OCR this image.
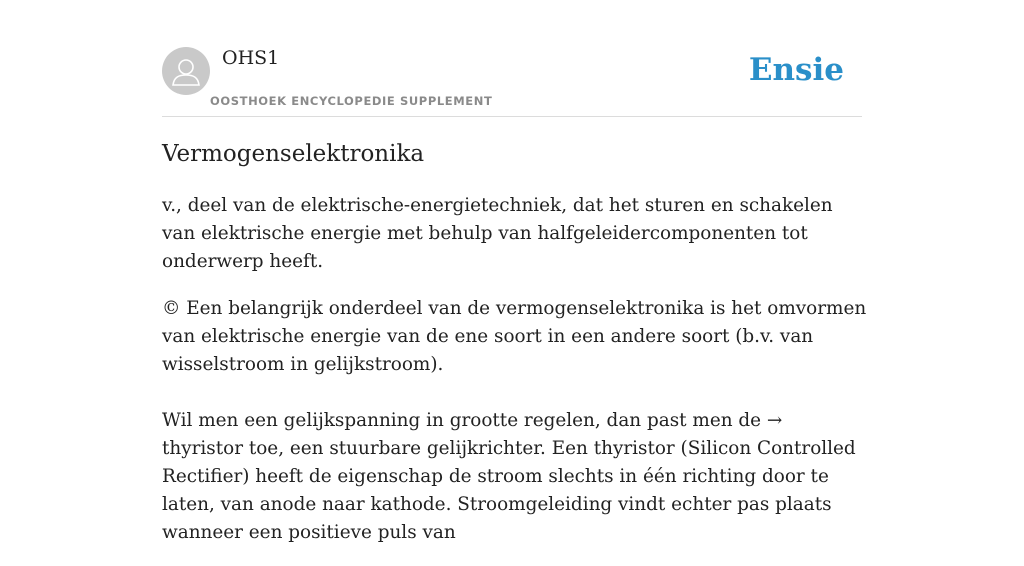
OHS1
OOSTHOEK ENCYCLOPEDIE SUPPLEMENT
Ensie
Vermogenselektronika

v., deel van de elektrische-energietechniek, dat het sturen en schakelen van elektrische energie met behulp van halfgeleidercomponenten tot onderwerp heeft.

© Een belangrijk onderdeel van de vermogenselektronika is het omvormen van elektrische energie van de ene soort in een andere soort (b.v. van wisselstroom in gelijkstroom).

Wil men een gelijkspanning in grootte regelen, dan past men de → thyristor toe, een stuurbare gelijkrichter. Een thyristor (Silicon Controlled Rectifier) heeft de eigenschap de stroom slechts in één richting door te laten, van anode naar kathode. Stroomgeleiding vindt echter pas plaats wanneer een positieve puls van
